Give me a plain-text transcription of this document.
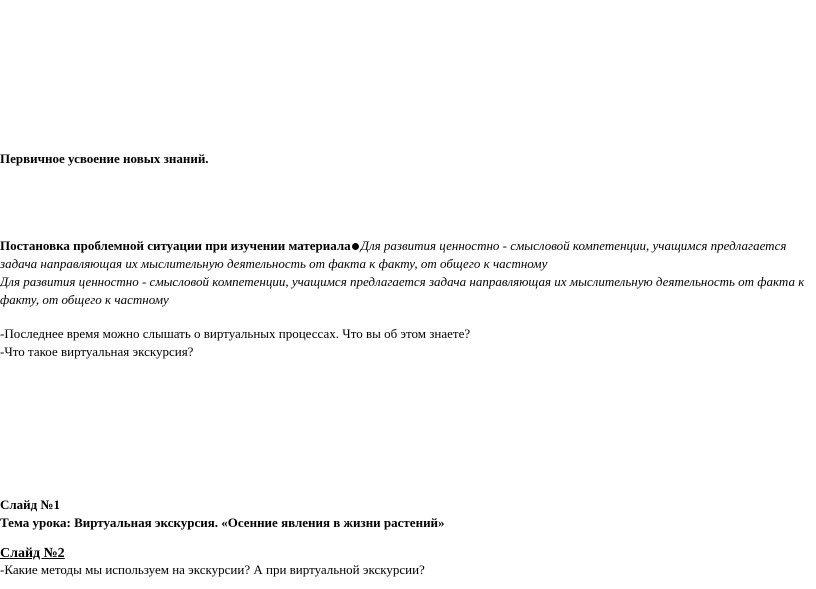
Первичное усвоение новых знаний.
Постановка проблемной ситуации при изучении материала Для развития ценностно - смысловой компетенции, учащимся предлагается
задача направляющая их мыслительную деятельность от факта к факту, от общего к частному
Для развития ценностно - смысловой компетенции, учащимся предлагается задача направляющая их мыслительную деятельность от факта к
факту, от общего к частному
-Последнее время можно слышать о виртуальных процессах. Что вы об этом знаете?
-Что такое виртуальная экскурсия?
Слайд №1
Тема урока: Виртуальная экскурсия. «Осенние явления в жизни растений»
Слайд №2
-Какие методы мы используем на экскурсии? А при виртуальной экскурсии?
